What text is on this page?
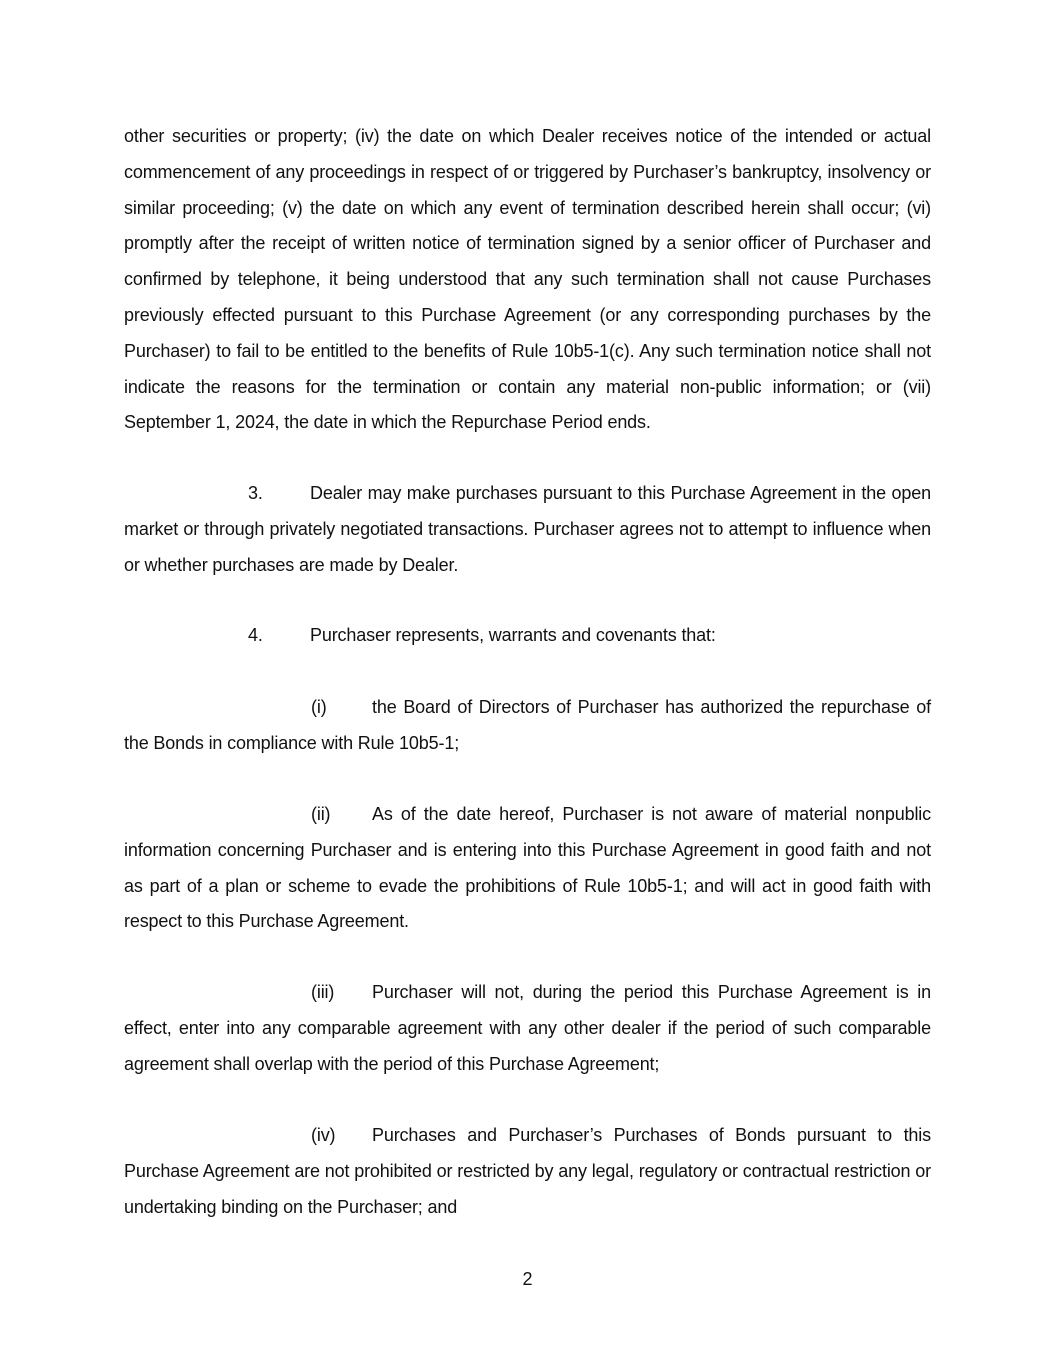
other securities or property; (iv) the date on which Dealer receives notice of the intended or actual commencement of any proceedings in respect of or triggered by Purchaser’s bankruptcy, insolvency or similar proceeding; (v) the date on which any event of termination described herein shall occur; (vi) promptly after the receipt of written notice of termination signed by a senior officer of Purchaser and confirmed by telephone, it being understood that any such termination shall not cause Purchases previously effected pursuant to this Purchase Agreement (or any corresponding purchases by the Purchaser) to fail to be entitled to the benefits of Rule 10b5-1(c). Any such termination notice shall not indicate the reasons for the termination or contain any material non-public information; or (vii) September 1, 2024, the date in which the Repurchase Period ends.

3.	Dealer may make purchases pursuant to this Purchase Agreement in the open market or through privately negotiated transactions. Purchaser agrees not to attempt to influence when or whether purchases are made by Dealer.

4.	Purchaser represents, warrants and covenants that:

(i)	the Board of Directors of Purchaser has authorized the repurchase of the Bonds in compliance with Rule 10b5-1;

(ii) As of the date hereof, Purchaser is not aware of material nonpublic information concerning Purchaser and is entering into this Purchase Agreement in good faith and not as part of a plan or scheme to evade the prohibitions of Rule 10b5-1; and will act in good faith with respect to this Purchase Agreement.

(iii) Purchaser will not, during the period this Purchase Agreement is in effect, enter into any comparable agreement with any other dealer if the period of such comparable agreement shall overlap with the period of this Purchase Agreement;

(iv) Purchases and Purchaser’s Purchases of Bonds pursuant to this Purchase Agreement are not prohibited or restricted by any legal, regulatory or contractual restriction or undertaking binding on the Purchaser; and

2
